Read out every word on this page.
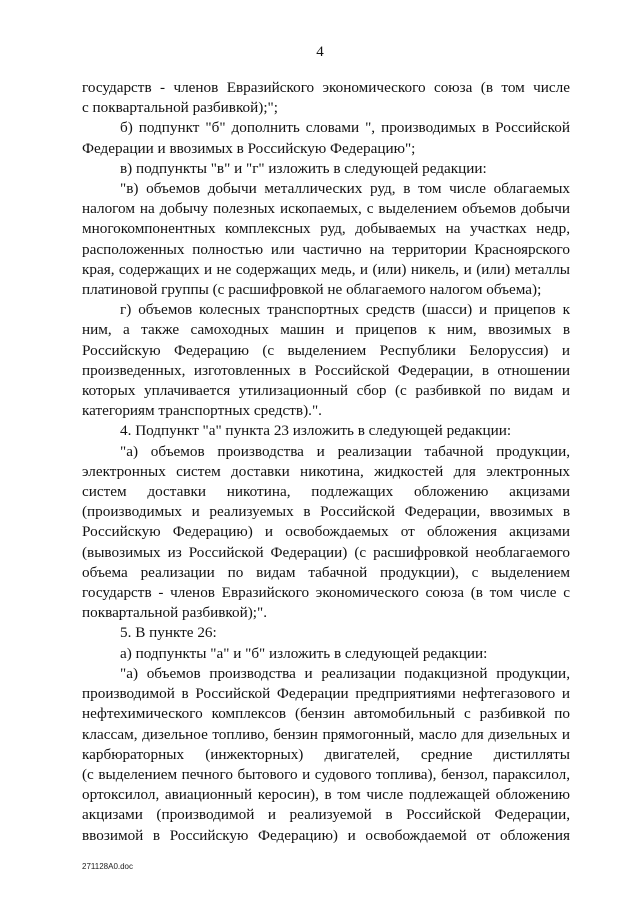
4
государств - членов Евразийского экономического союза (в том числе
с поквартальной разбивкой);";
б) подпункт "б" дополнить словами ", производимых в Российской
Федерации и ввозимых в Российскую Федерацию";
в) подпункты "в" и "г" изложить в следующей редакции:
"в) объемов добычи металлических руд, в том числе облагаемых
налогом на добычу полезных ископаемых, с выделением объемов добычи
многокомпонентных комплексных руд, добываемых на участках недр,
расположенных полностью или частично на территории Красноярского
края, содержащих и не содержащих медь, и (или) никель, и (или) металлы
платиновой группы (с расшифровкой не облагаемого налогом объема);
г) объемов колесных транспортных средств (шасси) и прицепов к
ним, а также самоходных машин и прицепов к ним, ввозимых в
Российскую Федерацию (с выделением Республики Белоруссия) и
произведенных, изготовленных в Российской Федерации, в отношении
которых уплачивается утилизационный сбор (с разбивкой по видам и
категориям транспортных средств).".
4. Подпункт "а" пункта 23 изложить в следующей редакции:
"а) объемов производства и реализации табачной продукции,
электронных систем доставки никотина, жидкостей для электронных
систем доставки никотина, подлежащих обложению акцизами
(производимых и реализуемых в Российской Федерации, ввозимых в
Российскую Федерацию) и освобождаемых от обложения акцизами
(вывозимых из Российской Федерации) (с расшифровкой необлагаемого
объема реализации по видам табачной продукции), с выделением
государств - членов Евразийского экономического союза (в том числе с
поквартальной разбивкой);".
5. В пункте 26:
а) подпункты "а" и "б" изложить в следующей редакции:
"а) объемов производства и реализации подакцизной продукции,
производимой в Российской Федерации предприятиями нефтегазового и
нефтехимического комплексов (бензин автомобильный с разбивкой по
классам, дизельное топливо, бензин прямогонный, масло для дизельных и
карбюраторных (инжекторных) двигателей, средние дистилляты
(с выделением печного бытового и судового топлива), бензол, параксилол,
ортоксилол, авиационный керосин), в том числе подлежащей обложению
акцизами (производимой и реализуемой в Российской Федерации,
ввозимой в Российскую Федерацию) и освобождаемой от обложения
271128A0.doc
